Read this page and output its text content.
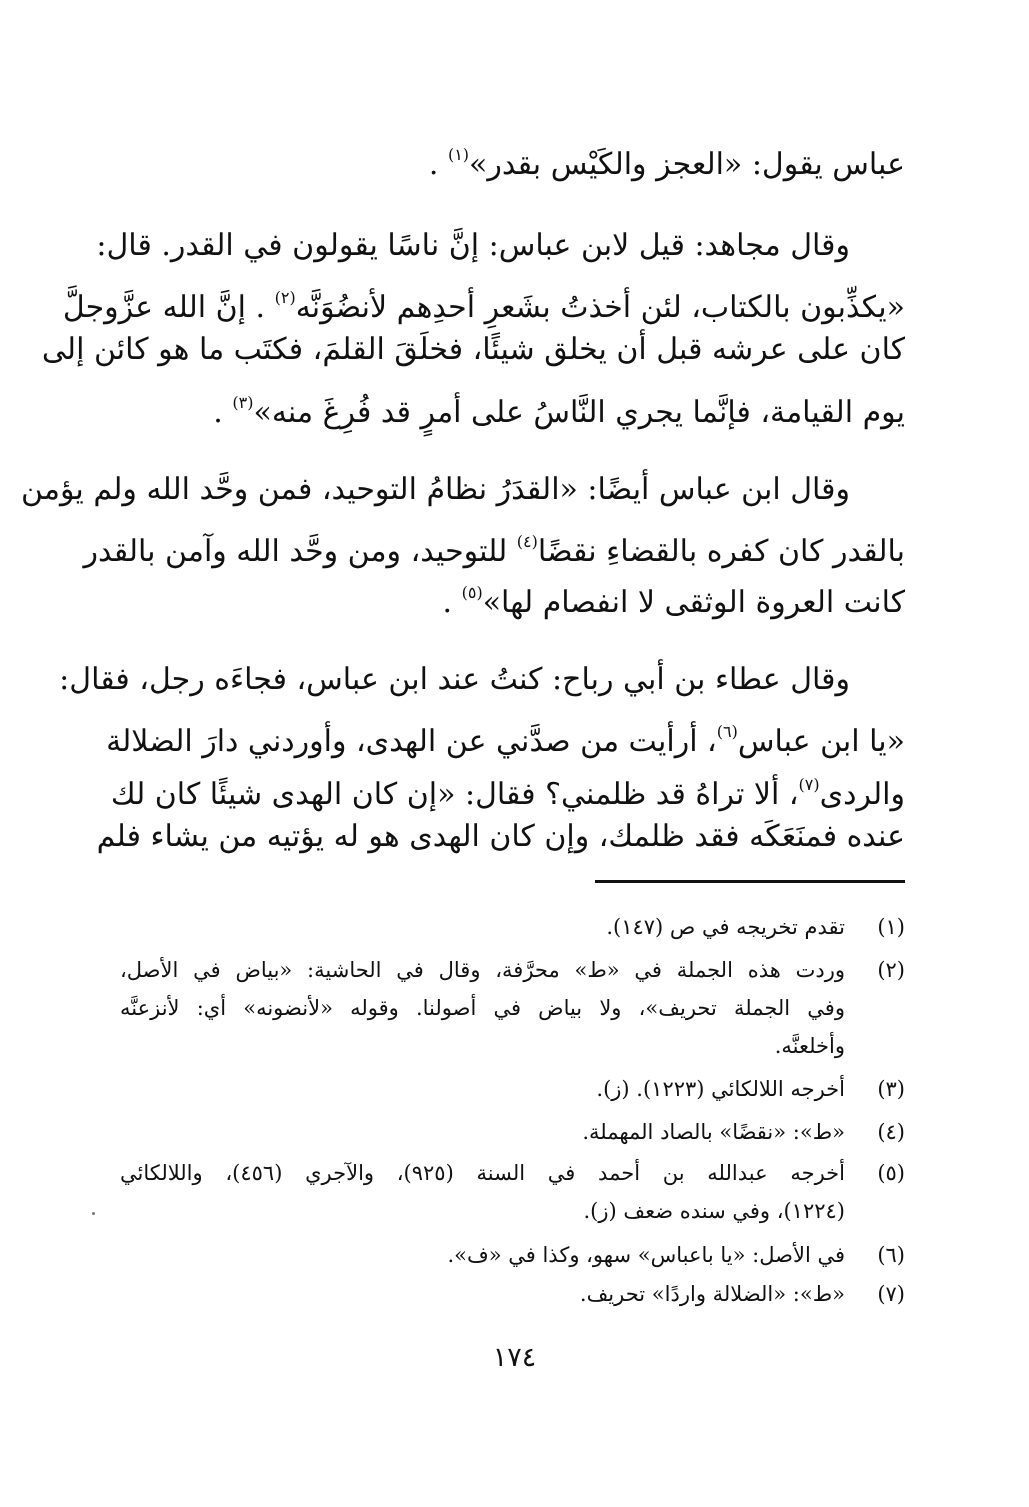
عباس يقول: «العجز والكَيْس بقدر»$^{(١)}$ .
وقال مجاهد: قيل لابن عباس: إنَّ ناسًا يقولون في القدر. قال:
«يكذِّبون بالكتاب، لئن أخذتُ بشَعرِ أحدِهم لأنضُوَنَّه$^{(٢)}$ . إنَّ الله عزَّوجلَّ
كان على عرشه قبل أن يخلق شيئًا، فخلَقَ القلمَ، فكتَب ما هو كائن إلى
يوم القيامة، فإنَّما يجري النَّاسُ على أمرٍ قد فُرِغَ منه»$^{(٣)}$ .
وقال ابن عباس أيضًا: «القدَرُ نظامُ التوحيد، فمن وحَّد الله ولم يؤمن
بالقدر كان كفره بالقضاءِ نقضًا$^{(٤)}$ للتوحيد، ومن وحَّد الله وآمن بالقدر
كانت العروة الوثقى لا انفصام لها»$^{(٥)}$ .
وقال عطاء بن أبي رباح: كنتُ عند ابن عباس، فجاءَه رجل، فقال:
«يا ابن عباس$^{(٦)}$، أرأيت من صدَّني عن الهدى، وأوردني دارَ الضلالة
والردى$^{(٧)}$، ألا تراهُ قد ظلمني؟ فقال: «إن كان الهدى شيئًا كان لك
عنده فمنَعَكَه فقد ظلمك، وإن كان الهدى هو له يؤتيه من يشاء فلم
(١)
تقدم تخريجه في ص (١٤٧).
(٢)
وردت هذه الجملة في «ط» محرَّفة، وقال في الحاشية: «بياض في الأصل،
وفي الجملة تحريف»، ولا بياض في أصولنا. وقوله «لأنضونه» أي: لأنزعنَّه
وأخلعنَّه.
(٣)
أخرجه اللالكائي (١٢٢٣). (ز).
(٤)
«ط»: «نقضًا» بالصاد المهملة.
(٥)
أخرجه عبدالله بن أحمد في السنة (٩٢٥)، والآجري (٤٥٦)، واللالكائي
(١٢٢٤)، وفي سنده ضعف (ز).
(٦)
في الأصل: «يا باعباس» سهو، وكذا في «ف».
(٧)
«ط»: «الضلالة واردًا» تحريف.
١٧٤
